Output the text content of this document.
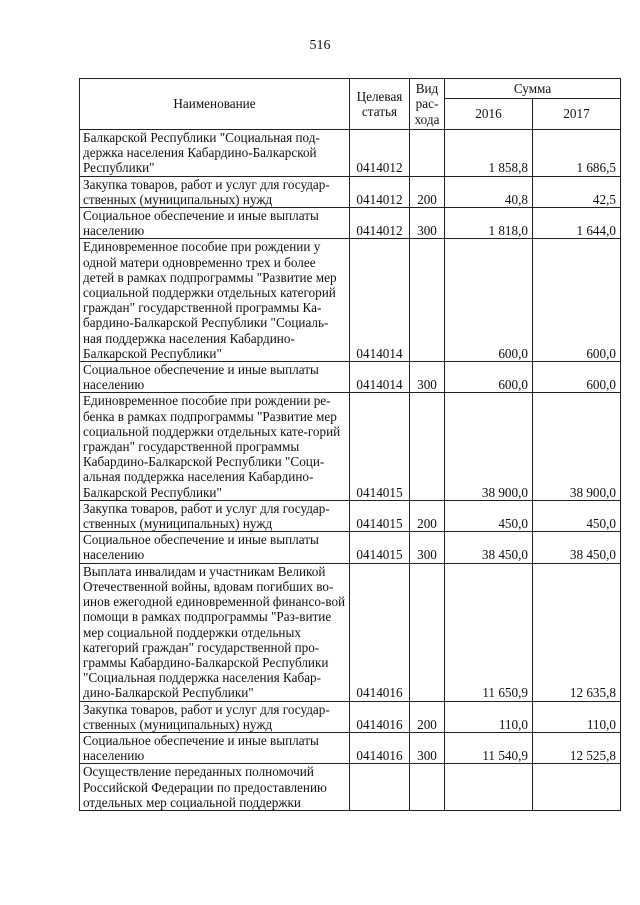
516
Наименование	Целевая статья	Вид рас-хода	Сумма	
			2016	2017
Балкарской Республики "Социальная под-держка населения Кабардино-Балкарской Республики"	0414012		1 858,8	1 686,5
Закупка товаров, работ и услуг для государ-ственных (муниципальных) нужд	0414012	200	40,8	42,5
Социальное обеспечение и иные выплаты населению	0414012	300	1 818,0	1 644,0
Единовременное пособие при рождении у одной матери одновременно трех и более детей в рамках подпрограммы "Развитие мер социальной поддержки отдельных категорий граждан" государственной программы Ка-бардино-Балкарской Республики "Социаль-ная поддержка населения Кабардино-Балкарской Республики"	0414014		600,0	600,0
Социальное обеспечение и иные выплаты населению	0414014	300	600,0	600,0
Единовременное пособие при рождении ре-бенка в рамках подпрограммы "Развитие мер социальной поддержки отдельных кате-горий граждан" государственной программы Кабардино-Балкарской Республики "Соци-альная поддержка населения Кабардино-Балкарской Республики"	0414015		38 900,0	38 900,0
Закупка товаров, работ и услуг для государ-ственных (муниципальных) нужд	0414015	200	450,0	450,0
Социальное обеспечение и иные выплаты населению	0414015	300	38 450,0	38 450,0
Выплата инвалидам и участникам Великой Отечественной войны, вдовам погибших во-инов ежегодной единовременной финансо-вой помощи в рамках подпрограммы "Раз-витие мер социальной поддержки отдельных категорий граждан" государственной про-граммы Кабардино-Балкарской Республики "Социальная поддержка населения Кабар-дино-Балкарской Республики"	0414016		11 650,9	12 635,8
Закупка товаров, работ и услуг для государ-ственных (муниципальных) нужд	0414016	200	110,0	110,0
Социальное обеспечение и иные выплаты населению	0414016	300	11 540,9	12 525,8
Осуществление переданных полномочий Российской Федерации по предоставлению отдельных мер социальной поддержки				
